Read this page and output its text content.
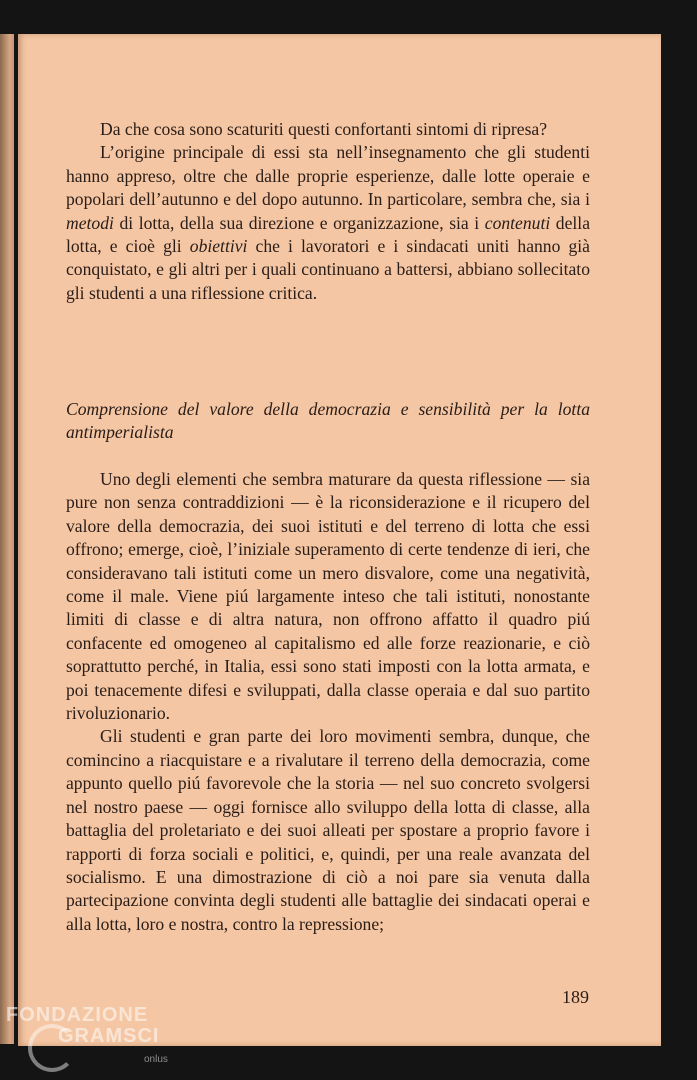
Da che cosa sono scaturiti questi confortanti sintomi di ripresa?

L’origine principale di essi sta nell’insegnamento che gli studenti hanno appreso, oltre che dalle proprie esperienze, dalle lotte operaie e popolari dell’autunno e del dopo autunno. In particolare, sembra che, sia i metodi di lotta, della sua direzione e organizzazione, sia i contenuti della lotta, e cioè gli obiettivi che i lavoratori e i sindacati uniti hanno già conquistato, e gli altri per i quali continuano a battersi, abbiano sollecitato gli studenti a una riflessione critica.

Comprensione del valore della democrazia e sensibilità per la lotta antimperialista

Uno degli elementi che sembra maturare da questa riflessione — sia pure non senza contraddizioni — è la riconsiderazione e il ricupero del valore della democrazia, dei suoi istituti e del terreno di lotta che essi offrono; emerge, cioè, l’iniziale superamento di certe tendenze di ieri, che consideravano tali istituti come un mero disvalore, come una negatività, come il male. Viene piú largamente inteso che tali istituti, nonostante limiti di classe e di altra natura, non offrono affatto il quadro piú confacente ed omogeneo al capitalismo ed alle forze reazionarie, e ciò soprattutto perché, in Italia, essi sono stati imposti con la lotta armata, e poi tenacemente difesi e sviluppati, dalla classe operaia e dal suo partito rivoluzionario.

Gli studenti e gran parte dei loro movimenti sembra, dunque, che comincino a riacquistare e a rivalutare il terreno della democrazia, come appunto quello piú favorevole che la storia — nel suo concreto svolgersi nel nostro paese — oggi fornisce allo sviluppo della lotta di classe, alla battaglia del proletariato e dei suoi alleati per spostare a proprio favore i rapporti di forza sociali e politici, e, quindi, per una reale avanzata del socialismo. E una dimostrazione di ciò a noi pare sia venuta dalla partecipazione convinta degli studenti alle battaglie dei sindacati operai e alla lotta, loro e nostra, contro la repressione;

189
FONDAZIONE
GRAMSCI
onlus
